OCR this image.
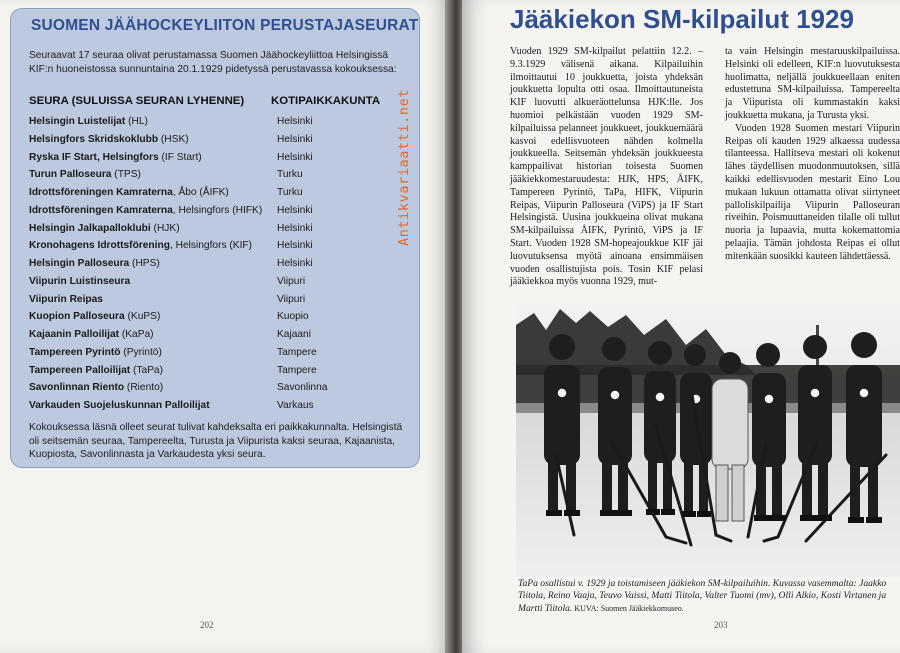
SUOMEN JÄÄHOCKEYLIITON PERUSTAJASEURAT
Seuraavat 17 seuraa olivat perustamassa Suomen Jäähockeyliittoa Helsingissä KIF:n huoneistossa sunnuntaina 20.1.1929 pidetyssä perustavassa kokouksessa:
SEURA (SULUISSA SEURAN LYHENNE) KOTIPAIKKAKUNTA
Helsingin Luistelijat (HL)	Helsinki
Helsingfors Skridskoklubb (HSK)	Helsinki
Ryska IF Start, Helsingfors (IF Start)	Helsinki
Turun Palloseura (TPS)	Turku
Idrottsföreningen Kamraterna, Åbo (ÅIFK)	Turku
Idrottsföreningen Kamraterna, Helsingfors (HIFK) Helsinki
Helsingin Jalkapalloklubi (HJK)	Helsinki
Kronohagens Idrottsförening, Helsingfors (KIF) Helsinki
Helsingin Palloseura (HPS)	Helsinki
Viipurin Luistinseura	Viipuri
Viipurin Reipas	Viipuri
Kuopion Palloseura (KuPS)	Kuopio
Kajaanin Palloilijat (KaPa)	Kajaani
Tampereen Pyrintö (Pyrintö)	Tampere
Tampereen Palloilijat (TaPa)	Tampere
Savonlinnan Riento (Riento)	Savonlinna
Varkauden Suojeluskunnan Palloilijat	Varkaus
Kokouksessa läsnä olleet seurat tulivat kahdeksalta eri paikkakunnalta. Helsingistä oli seitsemän seuraa, Tampereelta, Turusta ja Viipurista kaksi seuraa, Kajaanista, Kuopiosta, Savonlinnasta ja Varkaudesta yksi seura.
Antikvariaatti.net
202
Jääkiekon SM-kilpailut 1929

Vuoden 1929 SM-kilpailut pelattiin 12.2. – 9.3.1929 välisenä aikana. Kilpailuihin ilmoittautui 10 joukkuetta, joista yhdeksän joukkuetta lopulta otti osaa. Ilmoittautuneista KIF luovutti alkueräottelunsa HJK:lle. Jos huomioi pelkästään vuoden 1929 SM-kilpailuissa pelanneet joukkueet, joukkuemäärä kasvoi edellisvuoteen nähden kolmella joukkueella. Seitsemän yhdeksän joukkueesta kamppailivat historian toisesta Suomen jääkiekkomestaruudesta: HJK, HPS, ÅIFK, Tampereen Pyrintö, TaPa, HIFK, Viipurin Reipas, Viipurin Palloseura (ViPS) ja IF Start Helsingistä. Uusina joukkueina olivat mukana SM-kilpailuissa ÅIFK, Pyrintö, ViPS ja IF Start. Vuoden 1928 SM-hopeajoukkue KIF jäi luovutuksensa myötä ainoana ensimmäisen vuoden osallistujista pois. Tosin KIF pelasi jääkiekkoa myös vuonna 1929, mut-

ta vain Helsingin mestaruuskilpailuissa. Helsinki oli edelleen, KIF:n luovutuksesta huolimatta, neljällä joukkueellaan eniten edustettuna SM-kilpailuissa. Tampereelta ja Viipurista oli kummastakin kaksi joukkuetta mukana, ja Turusta yksi.

Vuoden 1928 Suomen mestari Viipurin Reipas oli kauden 1929 alkaessa uudessa tilanteessa. Hallitseva mestari oli kokenut lähes täydellisen muodonmuutoksen, sillä kaikki edellisvuoden mestarit Eino Lou mukaan lukuun ottamatta olivat siirtyneet palloliskilpailija Viipurin Palloseuran riveihin. Poismuuttaneiden tilalle oli tullut nuoria ja lupaavia, mutta kokemattomia pelaajia. Tämän johdosta Reipas ei ollut mitenkään suosikki kauteen lähdettäessä.

TaPa osallistui v. 1929 ja toistamiseen jääkiekon SM-kilpailuihin. Kuvassa vasemmalta: Jaakko Tiitola, Reino Vaaja, Teuvo Vaissi, Matti Tiitola, Valter Tuomi (mv), Olli Alkio, Kosti Virtanen ja Martti Tiitola. KUVA: Suomen Jääkiekkomuseo.
203
